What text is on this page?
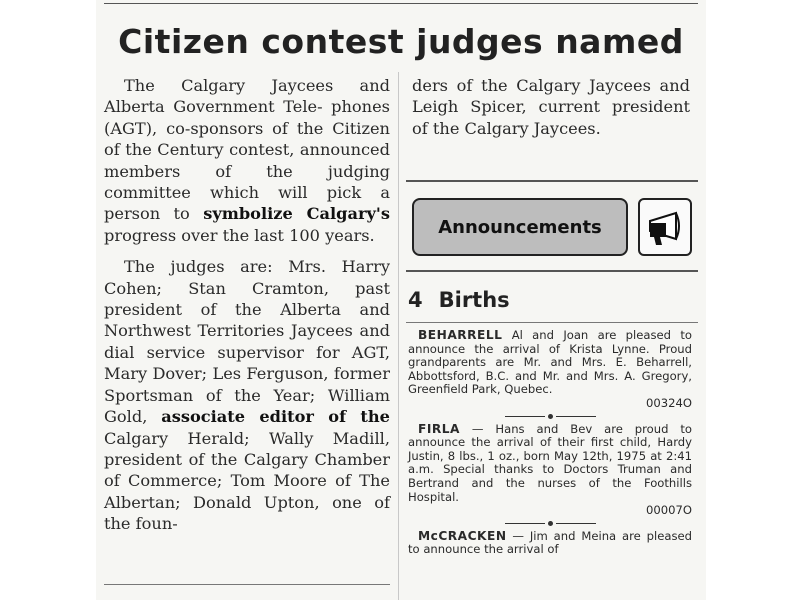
Citizen contest judges named

The Calgary Jaycees and Alberta Government Tele- phones (AGT), co-sponsors of the Citizen of the Century contest, announced members of the judging committee which will pick a person to symbolize Calgary's progress over the last 100 years.

The judges are: Mrs. Harry Cohen; Stan Cramton, past president of the Alberta and Northwest Territories Jaycees and dial service supervisor for AGT, Mary Dover; Les Ferguson, former Sportsman of the Year; William Gold, associate editor of the Calgary Herald; Wally Madill, president of the Calgary Chamber of Commerce; Tom Moore of The Albertan; Donald Upton, one of the foun-

ders of the Calgary Jaycees and Leigh Spicer, current president of the Calgary Jaycees.

Announcements
4 Births

BEHARRELL Al and Joan are pleased to announce the arrival of Krista Lynne. Proud grandparents are Mr. and Mrs. E. Beharrell, Abbottsford, B.C. and Mr. and Mrs. A. Gregory, Greenfield Park, Quebec.
00324O

FIRLA — Hans and Bev are proud to announce the arrival of their first child, Hardy Justin, 8 lbs., 1 oz., born May 12th, 1975 at 2:41 a.m. Special thanks to Doctors Truman and Bertrand and the nurses of the Foothills Hospital.
00007O

McCRACKEN — Jim and Meina are pleased to announce the arrival of
